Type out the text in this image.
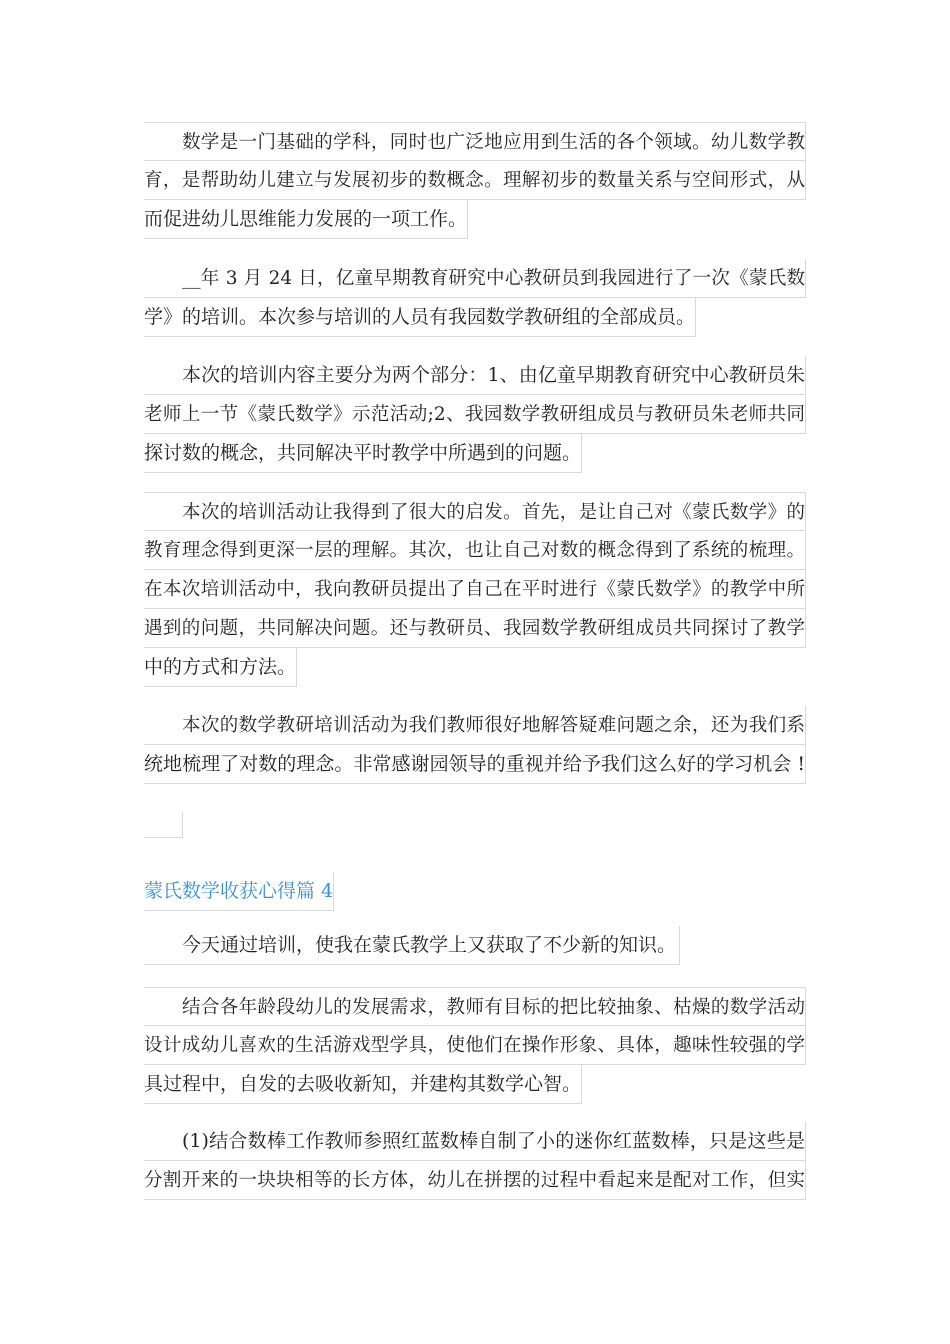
数学是一门基础的学科，同时也广泛地应用到生活的各个领域。幼儿数学教
育，是帮助幼儿建立与发展初步的数概念。理解初步的数量关系与空间形式，从
而促进幼儿思维能力发展的一项工作。
__年 3 月 24 日，亿童早期教育研究中心教研员到我园进行了一次《蒙氏数
学》的培训。本次参与培训的人员有我园数学教研组的全部成员。
本次的培训内容主要分为两个部分：1、由亿童早期教育研究中心教研员朱
老师上一节《蒙氏数学》示范活动;2、我园数学教研组成员与教研员朱老师共同
探讨数的概念，共同解决平时教学中所遇到的问题。
本次的培训活动让我得到了很大的启发。首先，是让自己对《蒙氏数学》的
教育理念得到更深一层的理解。其次，也让自己对数的概念得到了系统的梳理。
在本次培训活动中，我向教研员提出了自己在平时进行《蒙氏数学》的教学中所
遇到的问题，共同解决问题。还与教研员、我园数学教研组成员共同探讨了教学
中的方式和方法。
本次的数学教研培训活动为我们教师很好地解答疑难问题之余，还为我们系
统地梳理了对数的理念。非常感谢园领导的重视并给予我们这么好的学习机会 !
蒙氏数学收获心得篇 4
今天通过培训，使我在蒙氏教学上又获取了不少新的知识。
结合各年龄段幼儿的发展需求，教师有目标的把比较抽象、枯燥的数学活动
设计成幼儿喜欢的生活游戏型学具，使他们在操作形象、具体，趣味性较强的学
具过程中，自发的去吸收新知，并建构其数学心智。
(1)结合数棒工作教师参照红蓝数棒自制了小的迷你红蓝数棒，只是这些是
分割开来的一块块相等的长方体，幼儿在拼摆的过程中看起来是配对工作，但实
